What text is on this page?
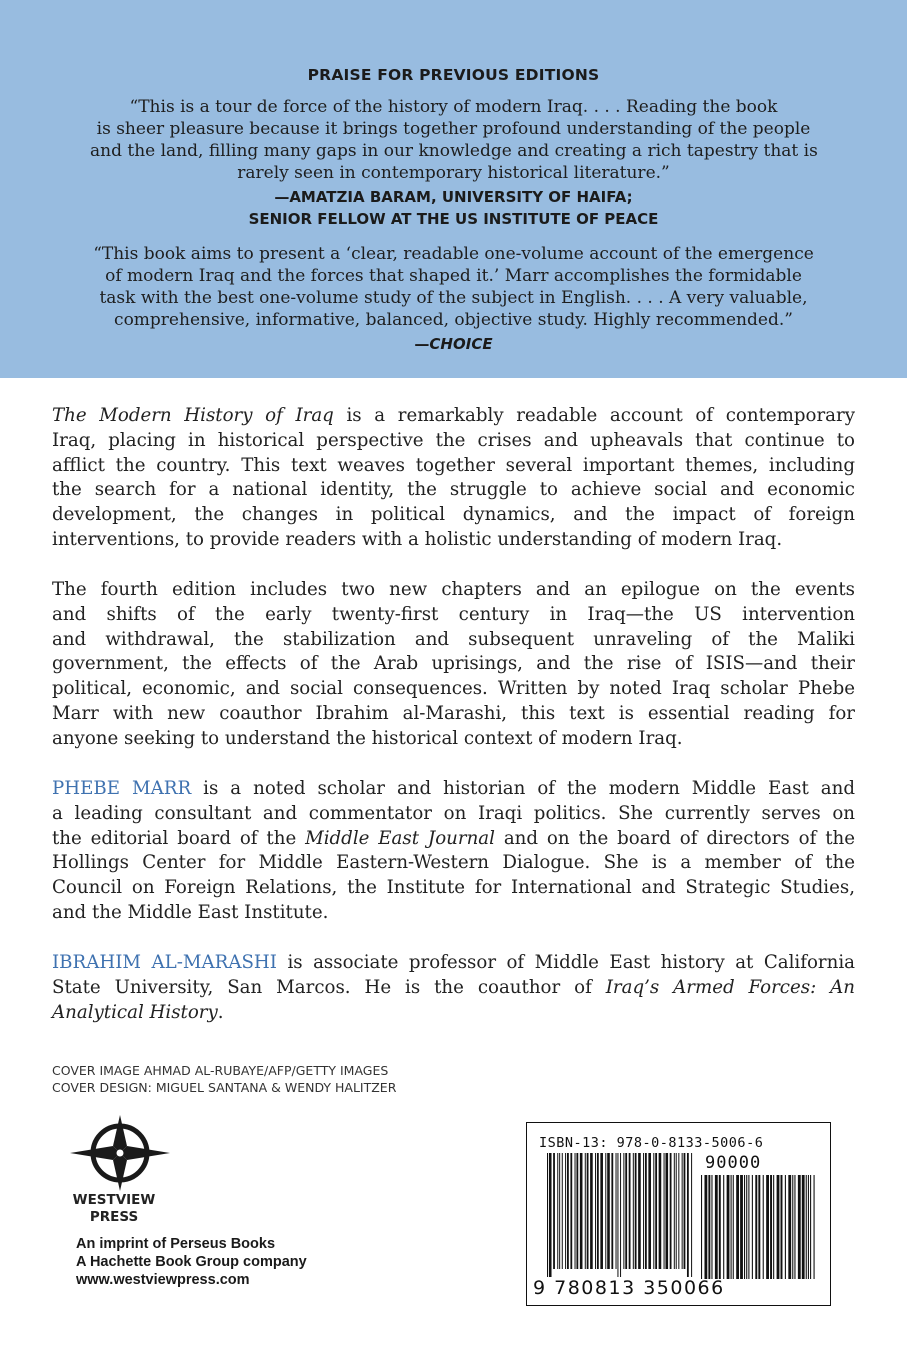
PRAISE FOR PREVIOUS EDITIONS
“This is a tour de force of the history of modern Iraq. . . . Reading the book
is sheer pleasure because it brings together profound understanding of the people
and the land, filling many gaps in our knowledge and creating a rich tapestry that is
rarely seen in contemporary historical literature.”
—AMATZIA BARAM, UNIVERSITY OF HAIFA;
SENIOR FELLOW AT THE US INSTITUTE OF PEACE
“This book aims to present a ‘clear, readable one-volume account of the emergence
of modern Iraq and the forces that shaped it.’ Marr accomplishes the formidable
task with the best one-volume study of the subject in English. . . . A very valuable,
comprehensive, informative, balanced, objective study. Highly recommended.”
—CHOICE
The Modern History of Iraq is a remarkably readable account of contemporary
Iraq, placing in historical perspective the crises and upheavals that continue to
afflict the country. This text weaves together several important themes, including
the search for a national identity, the struggle to achieve social and economic
development, the changes in political dynamics, and the impact of foreign
interventions, to provide readers with a holistic understanding of modern Iraq.
The fourth edition includes two new chapters and an epilogue on the events
and shifts of the early twenty-first century in Iraq—the US intervention
and withdrawal, the stabilization and subsequent unraveling of the Maliki
government, the effects of the Arab uprisings, and the rise of ISIS—and their
political, economic, and social consequences. Written by noted Iraq scholar Phebe
Marr with new coauthor Ibrahim al-Marashi, this text is essential reading for
anyone seeking to understand the historical context of modern Iraq.
PHEBE MARR is a noted scholar and historian of the modern Middle East and
a leading consultant and commentator on Iraqi politics. She currently serves on
the editorial board of the Middle East Journal and on the board of directors of the
Hollings Center for Middle Eastern-Western Dialogue. She is a member of the
Council on Foreign Relations, the Institute for International and Strategic Studies,
and the Middle East Institute.
IBRAHIM AL-MARASHI is associate professor of Middle East history at California
State University, San Marcos. He is the coauthor of Iraq’s Armed Forces: An
Analytical History.
COVER IMAGE AHMAD AL-RUBAYE/AFP/GETTY IMAGES
COVER DESIGN: MIGUEL SANTANA & WENDY HALITZER
WESTVIEW
PRESS
An imprint of Perseus Books
A Hachette Book Group company
www.westviewpress.com
ISBN-13: 978-0-8133-5006-6
90000
9 780813 350066
